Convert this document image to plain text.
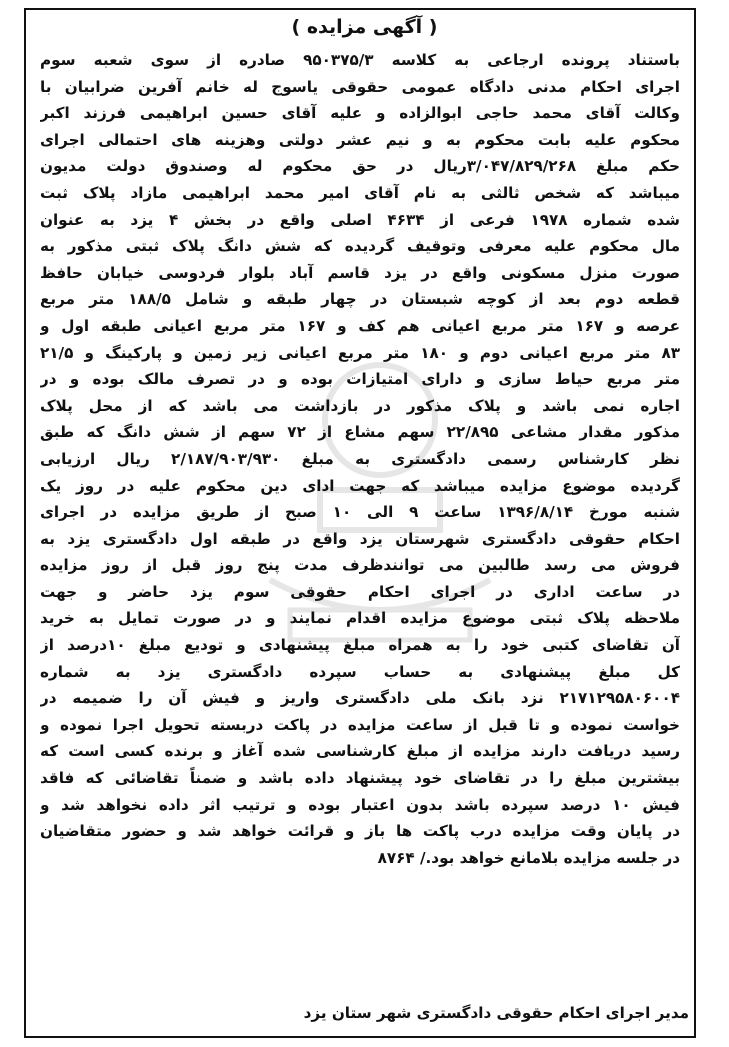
( آگهی مزایده )
باستناد پرونده ارجاعی به کلاسه ۹۵۰۳۷۵/۳ صادره از سوی شعبه سوم
اجرای احکام مدنی دادگاه عمومی حقوقی یاسوج له خانم آفرین ضرابیان با
وکالت آقای محمد حاجی ابوالزاده و علیه آقای حسین ابراهیمی فرزند اکبر
محکوم علیه بابت محکوم به و نیم عشر دولتی وهزینه های احتمالی اجرای
حکم مبلغ ۳/۰۴۷/۸۲۹/۲۶۸ریال در حق محکوم له وصندوق دولت مدیون
میباشد که شخص ثالثی به نام آقای امیر محمد ابراهیمی مازاد پلاک ثبت
شده شماره ۱۹۷۸ فرعی از ۴۶۳۴ اصلی واقع در بخش ۴ یزد به عنوان
مال محکوم علیه معرفی وتوقیف گردیده که شش دانگ پلاک ثبتی مذکور به
صورت منزل مسکونی واقع در یزد قاسم آباد بلوار فردوسی خیابان حافظ
قطعه دوم بعد از کوچه شبستان در چهار طبقه و شامل ۱۸۸/۵ متر مربع
عرصه و ۱۶۷ متر مربع اعیانی هم کف و ۱۶۷ متر مربع اعیانی طبقه اول و
۸۳ متر مربع اعیانی دوم و ۱۸۰ متر مربع اعیانی زیر زمین و پارکینگ و ۲۱/۵
متر مربع حیاط سازی و دارای امتیازات بوده و در تصرف مالک بوده و در
اجاره نمی باشد و پلاک مذکور در بازداشت می باشد که از محل پلاک
مذکور مقدار مشاعی ۲۲/۸۹۵ سهم مشاع از ۷۲ سهم از شش دانگ که طبق
نظر کارشناس رسمی دادگستری به مبلغ ۲/۱۸۷/۹۰۳/۹۳۰ ریال ارزیابی
گردیده موضوع مزایده میباشد که جهت ادای دین محکوم علیه در روز یک
شنبه مورخ ۱۳۹۶/۸/۱۴ ساعت ۹ الی ۱۰ صبح از طریق مزایده در اجرای
احکام حقوقی دادگستری شهرستان یزد واقع در طبقه اول دادگستری یزد به
فروش می رسد طالبین می توانندظرف مدت پنج روز قبل از روز مزایده
در ساعت اداری در اجرای احکام حقوقی سوم یزد حاضر و جهت
ملاحظه پلاک ثبتی موضوع مزایده اقدام نمایند و در صورت تمایل به خرید
آن تقاضای کتبی خود را به همراه مبلغ پیشنهادی و تودیع مبلغ ۱۰درصد از
کل مبلغ پیشنهادی به حساب سپرده دادگستری یزد به شماره
۲۱۷۱۲۹۵۸۰۶۰۰۴ نزد بانک ملی دادگستری واریز و فیش آن را ضمیمه در
خواست نموده و تا قبل از ساعت مزایده در پاکت دربسته تحویل اجرا نموده و
رسید دریافت دارند مزایده از مبلغ کارشناسی شده آغاز و برنده کسی است که
بیشترین مبلغ را در تقاضای خود پیشنهاد داده باشد و ضمناً تقاضائی که فاقد
فیش ۱۰ درصد سپرده باشد بدون اعتبار بوده و ترتیب اثر داده نخواهد شد و
در پایان وقت مزایده درب پاکت ها باز و قرائت خواهد شد و حضور متقاضیان
در جلسه مزایده بلامانع خواهد بود./ ۸۷۶۴
مدیر اجرای احکام حقوقی دادگستری شهر ستان یزد
